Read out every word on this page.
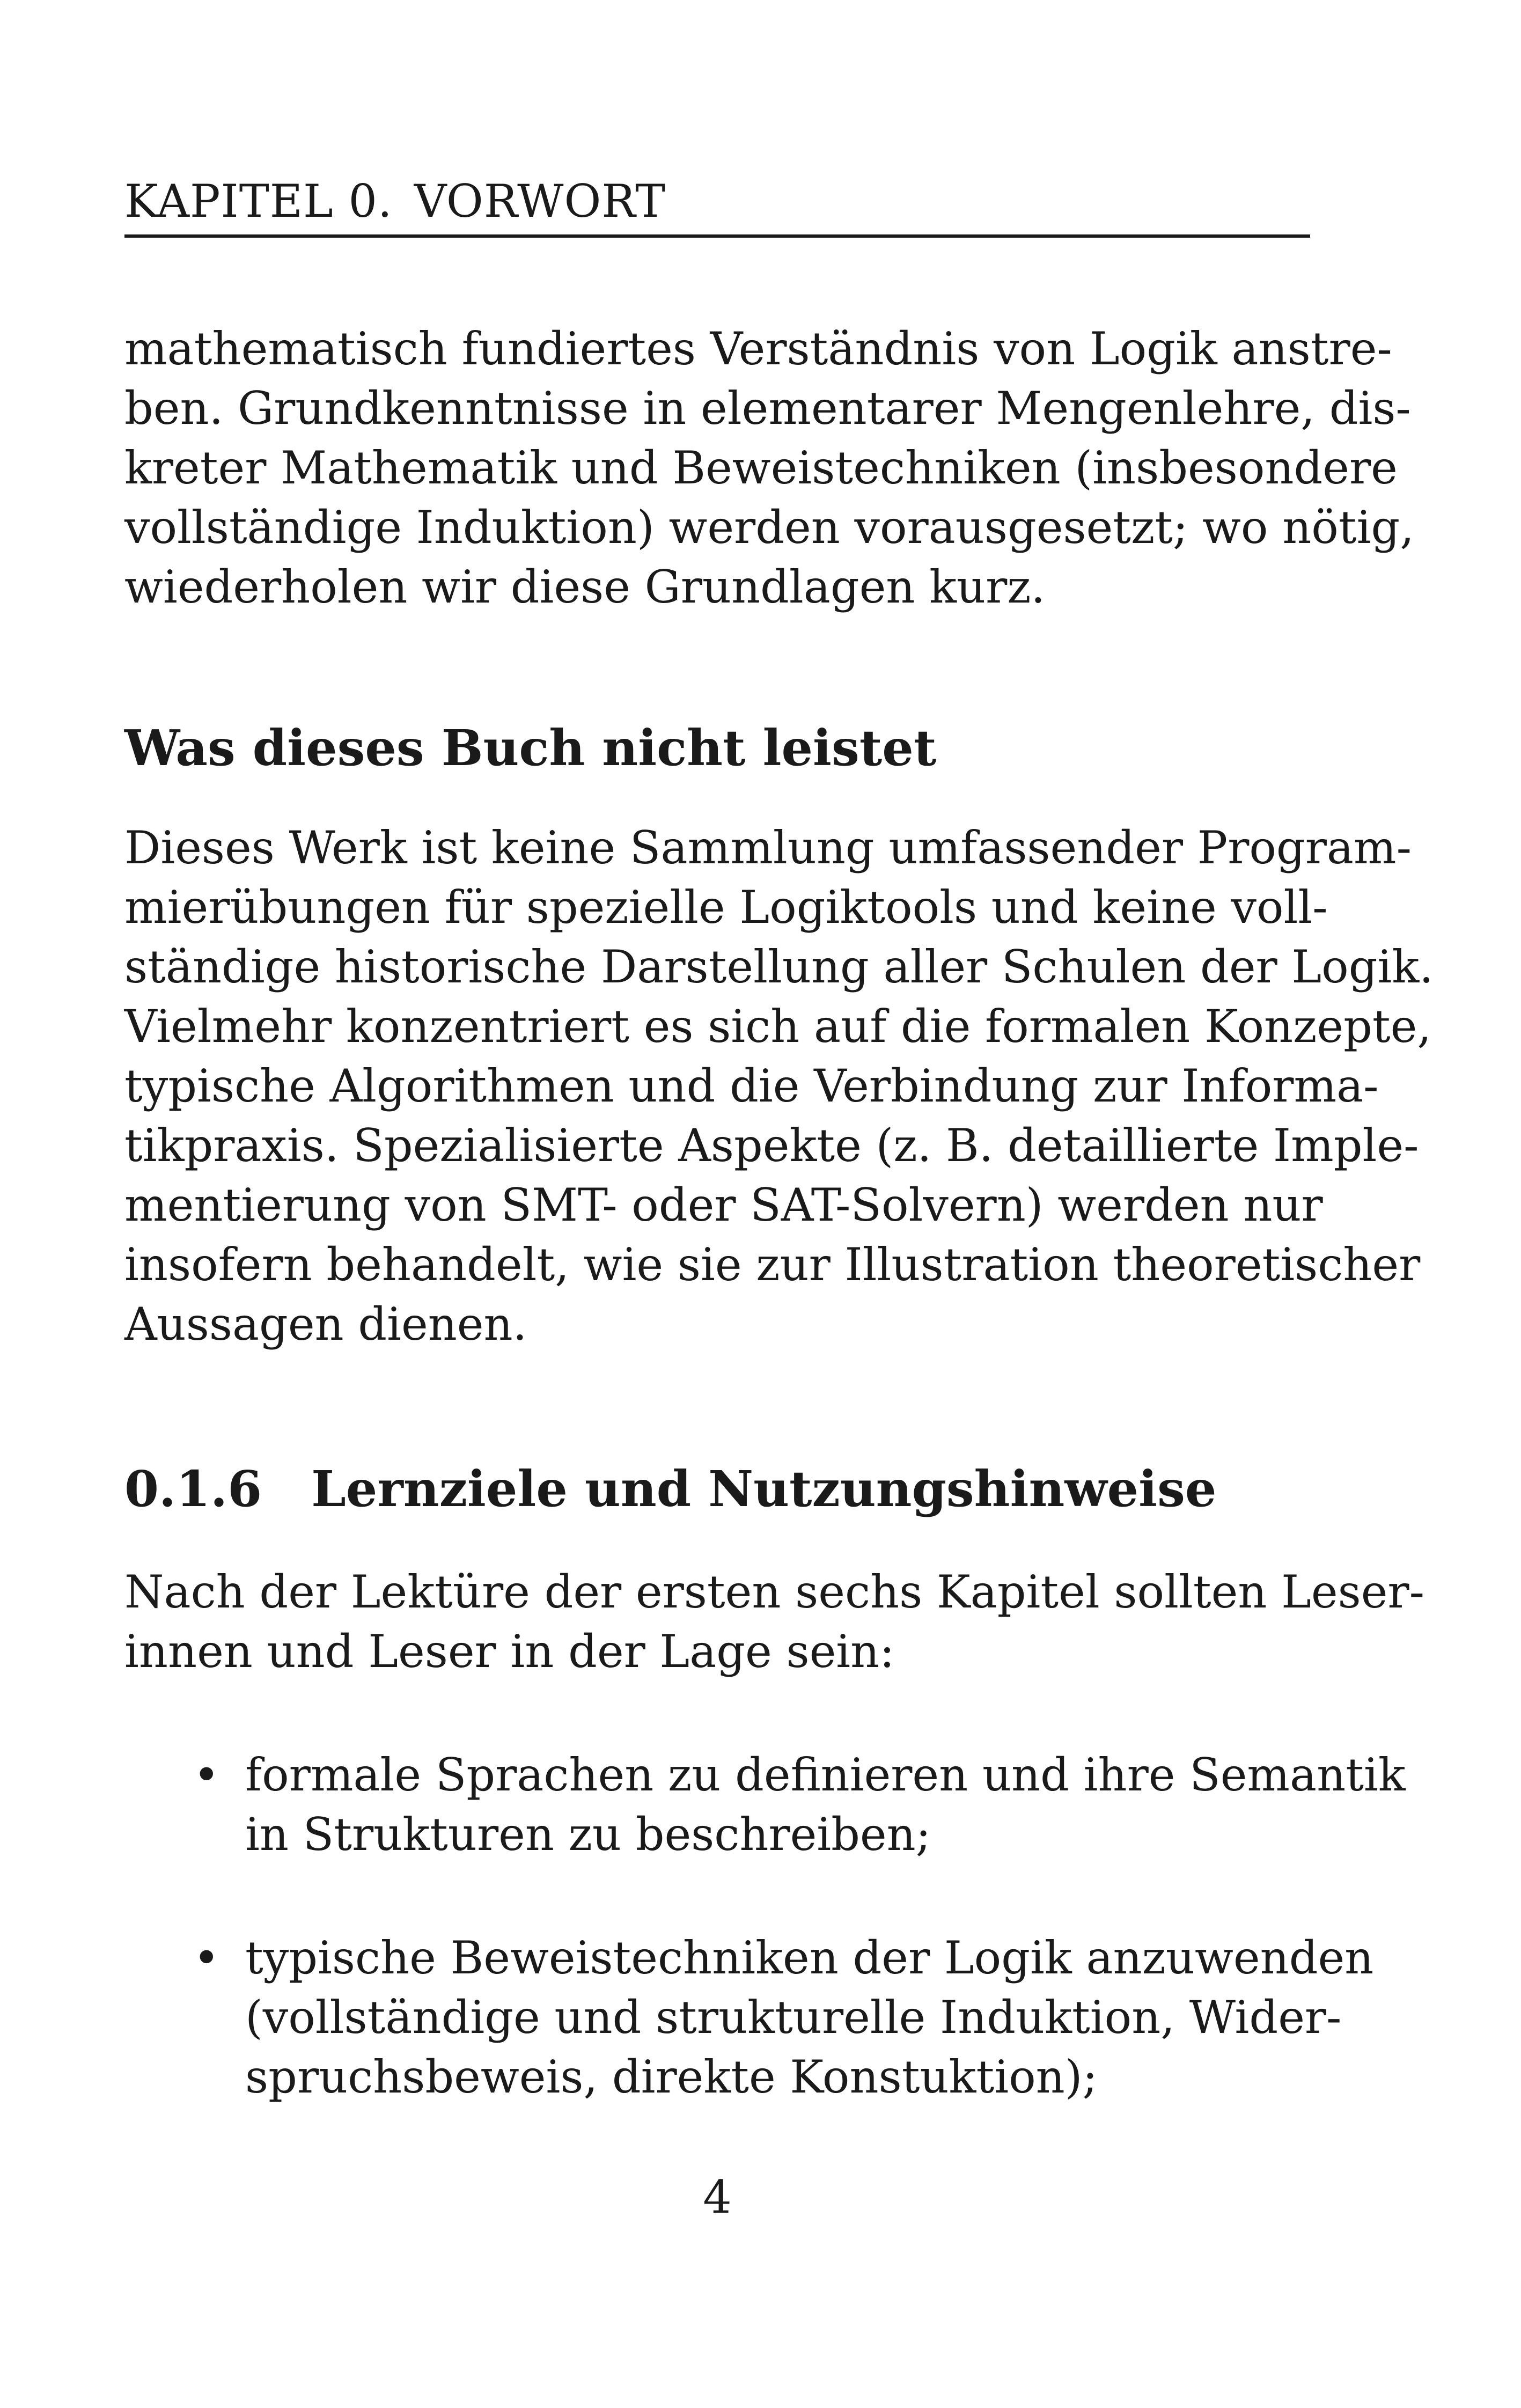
KAPITEL 0. VORWORT
mathematisch fundiertes Verständnis von Logik anstre-
ben. Grundkenntnisse in elementarer Mengenlehre, dis-
kreter Mathematik und Beweistechniken (insbesondere
vollständige Induktion) werden vorausgesetzt; wo nötig,
wiederholen wir diese Grundlagen kurz.
Was dieses Buch nicht leistet
Dieses Werk ist keine Sammlung umfassender Program-
mierübungen für spezielle Logiktools und keine voll-
ständige historische Darstellung aller Schulen der Logik.
Vielmehr konzentriert es sich auf die formalen Konzepte,
typische Algorithmen und die Verbindung zur Informa-
tikpraxis. Spezialisierte Aspekte (z. B. detaillierte Imple-
mentierung von SMT- oder SAT-Solvern) werden nur
insofern behandelt, wie sie zur Illustration theoretischer
Aussagen dienen.
0.1.6 Lernziele und Nutzungshinweise
Nach der Lektüre der ersten sechs Kapitel sollten Leser-
innen und Leser in der Lage sein:
• formale Sprachen zu definieren und ihre Semantik
in Strukturen zu beschreiben;
• typische Beweistechniken der Logik anzuwenden
(vollständige und strukturelle Induktion, Wider-
spruchsbeweis, direkte Konstuktion);
4
